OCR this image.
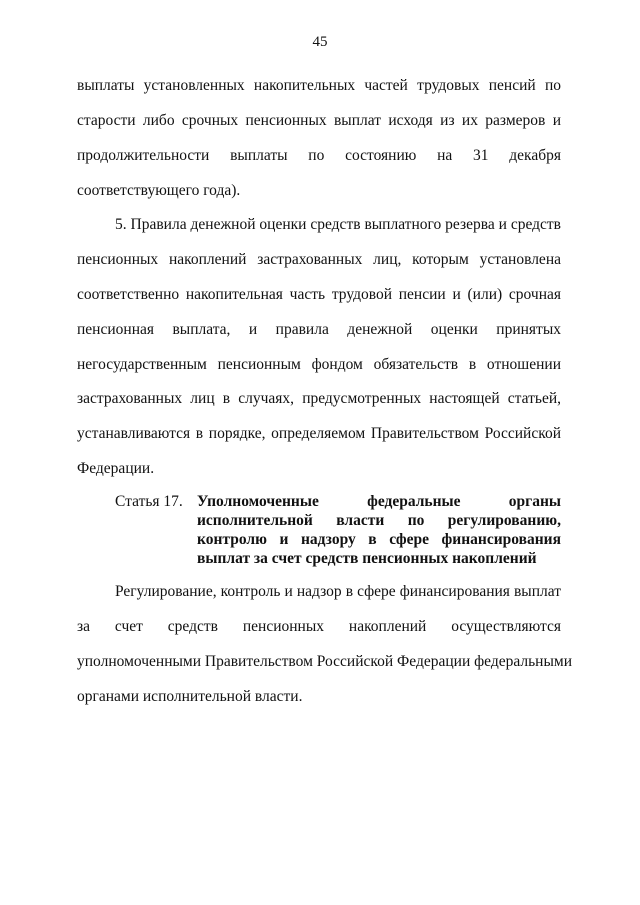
45
выплаты установленных накопительных частей трудовых пенсий по
старости либо срочных пенсионных выплат исходя из их размеров и
продолжительности выплаты по состоянию на 31 декабря
соответствующего года).
5. Правила денежной оценки средств выплатного резерва и средств
пенсионных накоплений застрахованных лиц, которым установлена
соответственно накопительная часть трудовой пенсии и (или) срочная
пенсионная выплата, и правила денежной оценки принятых
негосударственным пенсионным фондом обязательств в отношении
застрахованных лиц в случаях, предусмотренных настоящей статьей,
устанавливаются в порядке, определяемом Правительством Российской
Федерации.
Статья 17. Уполномоченные федеральные органы
исполнительной власти по регулированию,
контролю и надзору в сфере финансирования
выплат за счет средств пенсионных накоплений
Регулирование, контроль и надзор в сфере финансирования выплат
за счет средств пенсионных накоплений осуществляются
уполномоченными Правительством Российской Федерации федеральными
органами исполнительной власти.
